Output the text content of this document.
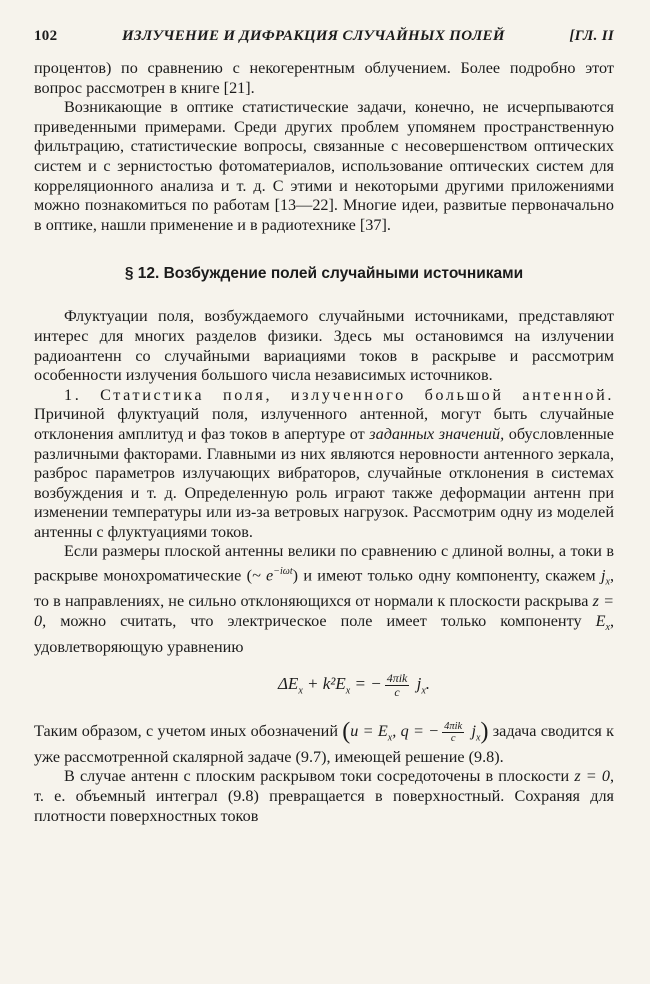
102	ИЗЛУЧЕНИЕ И ДИФРАКЦИЯ СЛУЧАЙНЫХ ПОЛЕЙ	[ГЛ. II

процентов) по сравнению с некогерентным облучением. Более подробно этот вопрос рассмотрен в книге [21].

Возникающие в оптике статистические задачи, конечно, не исчерпываются приведенными примерами. Среди других проблем упомянем пространственную фильтрацию, статистические вопросы, связанные с несовершенством оптических систем и с зернистостью фотоматериалов, использование оптических систем для корреляционного анализа и т. д. С этими и некоторыми другими приложениями можно познакомиться по работам [13—22]. Многие идеи, развитые первоначально в оптике, нашли применение и в радиотехнике [37].

§ 12. Возбуждение полей случайными источниками

Флуктуации поля, возбуждаемого случайными источниками, представляют интерес для многих разделов физики. Здесь мы остановимся на излучении радиоантенн со случайными вариациями токов в раскрыве и рассмотрим особенности излучения большого числа независимых источников.

1. Статистика поля, излученного большой антенной. Причиной флуктуаций поля, излученного антенной, могут быть случайные отклонения амплитуд и фаз токов в апертуре от заданных значений, обусловленные различными факторами. Главными из них являются неровности антенного зеркала, разброс параметров излучающих вибраторов, случайные отклонения в системах возбуждения и т. д. Определенную роль играют также деформации антенн при изменении температуры или из-за ветровых нагрузок. Рассмотрим одну из моделей антенны с флуктуациями токов.

Если размеры плоской антенны велики по сравнению с длиной волны, а токи в раскрыве монохроматические (~ $e^{-i\omega t}$) и имеют только одну компоненту, скажем $j_x$, то в направлениях, не сильно отклоняющихся от нормали к плоскости раскрыва z = 0, можно считать, что электрическое поле имеет только компоненту $E_x$, удовлетворяющую уравнению

$\Delta E_x + k^2E_x$ = − $\frac{\text{4πik}}{c} j_x$.

Таким образом, с учетом иных обозначений ($u = E_x$, q = − $\frac{\text{4πik}}{c} j_x$) задача сводится к уже рассмотренной скалярной задаче (9.7), имеющей решение (9.8).

В случае антенн с плоским раскрывом токи сосредоточены в плоскости z = 0, т. е. объемный интеграл (9.8) превращается в поверхностный. Сохраняя для плотности поверхностных токов
